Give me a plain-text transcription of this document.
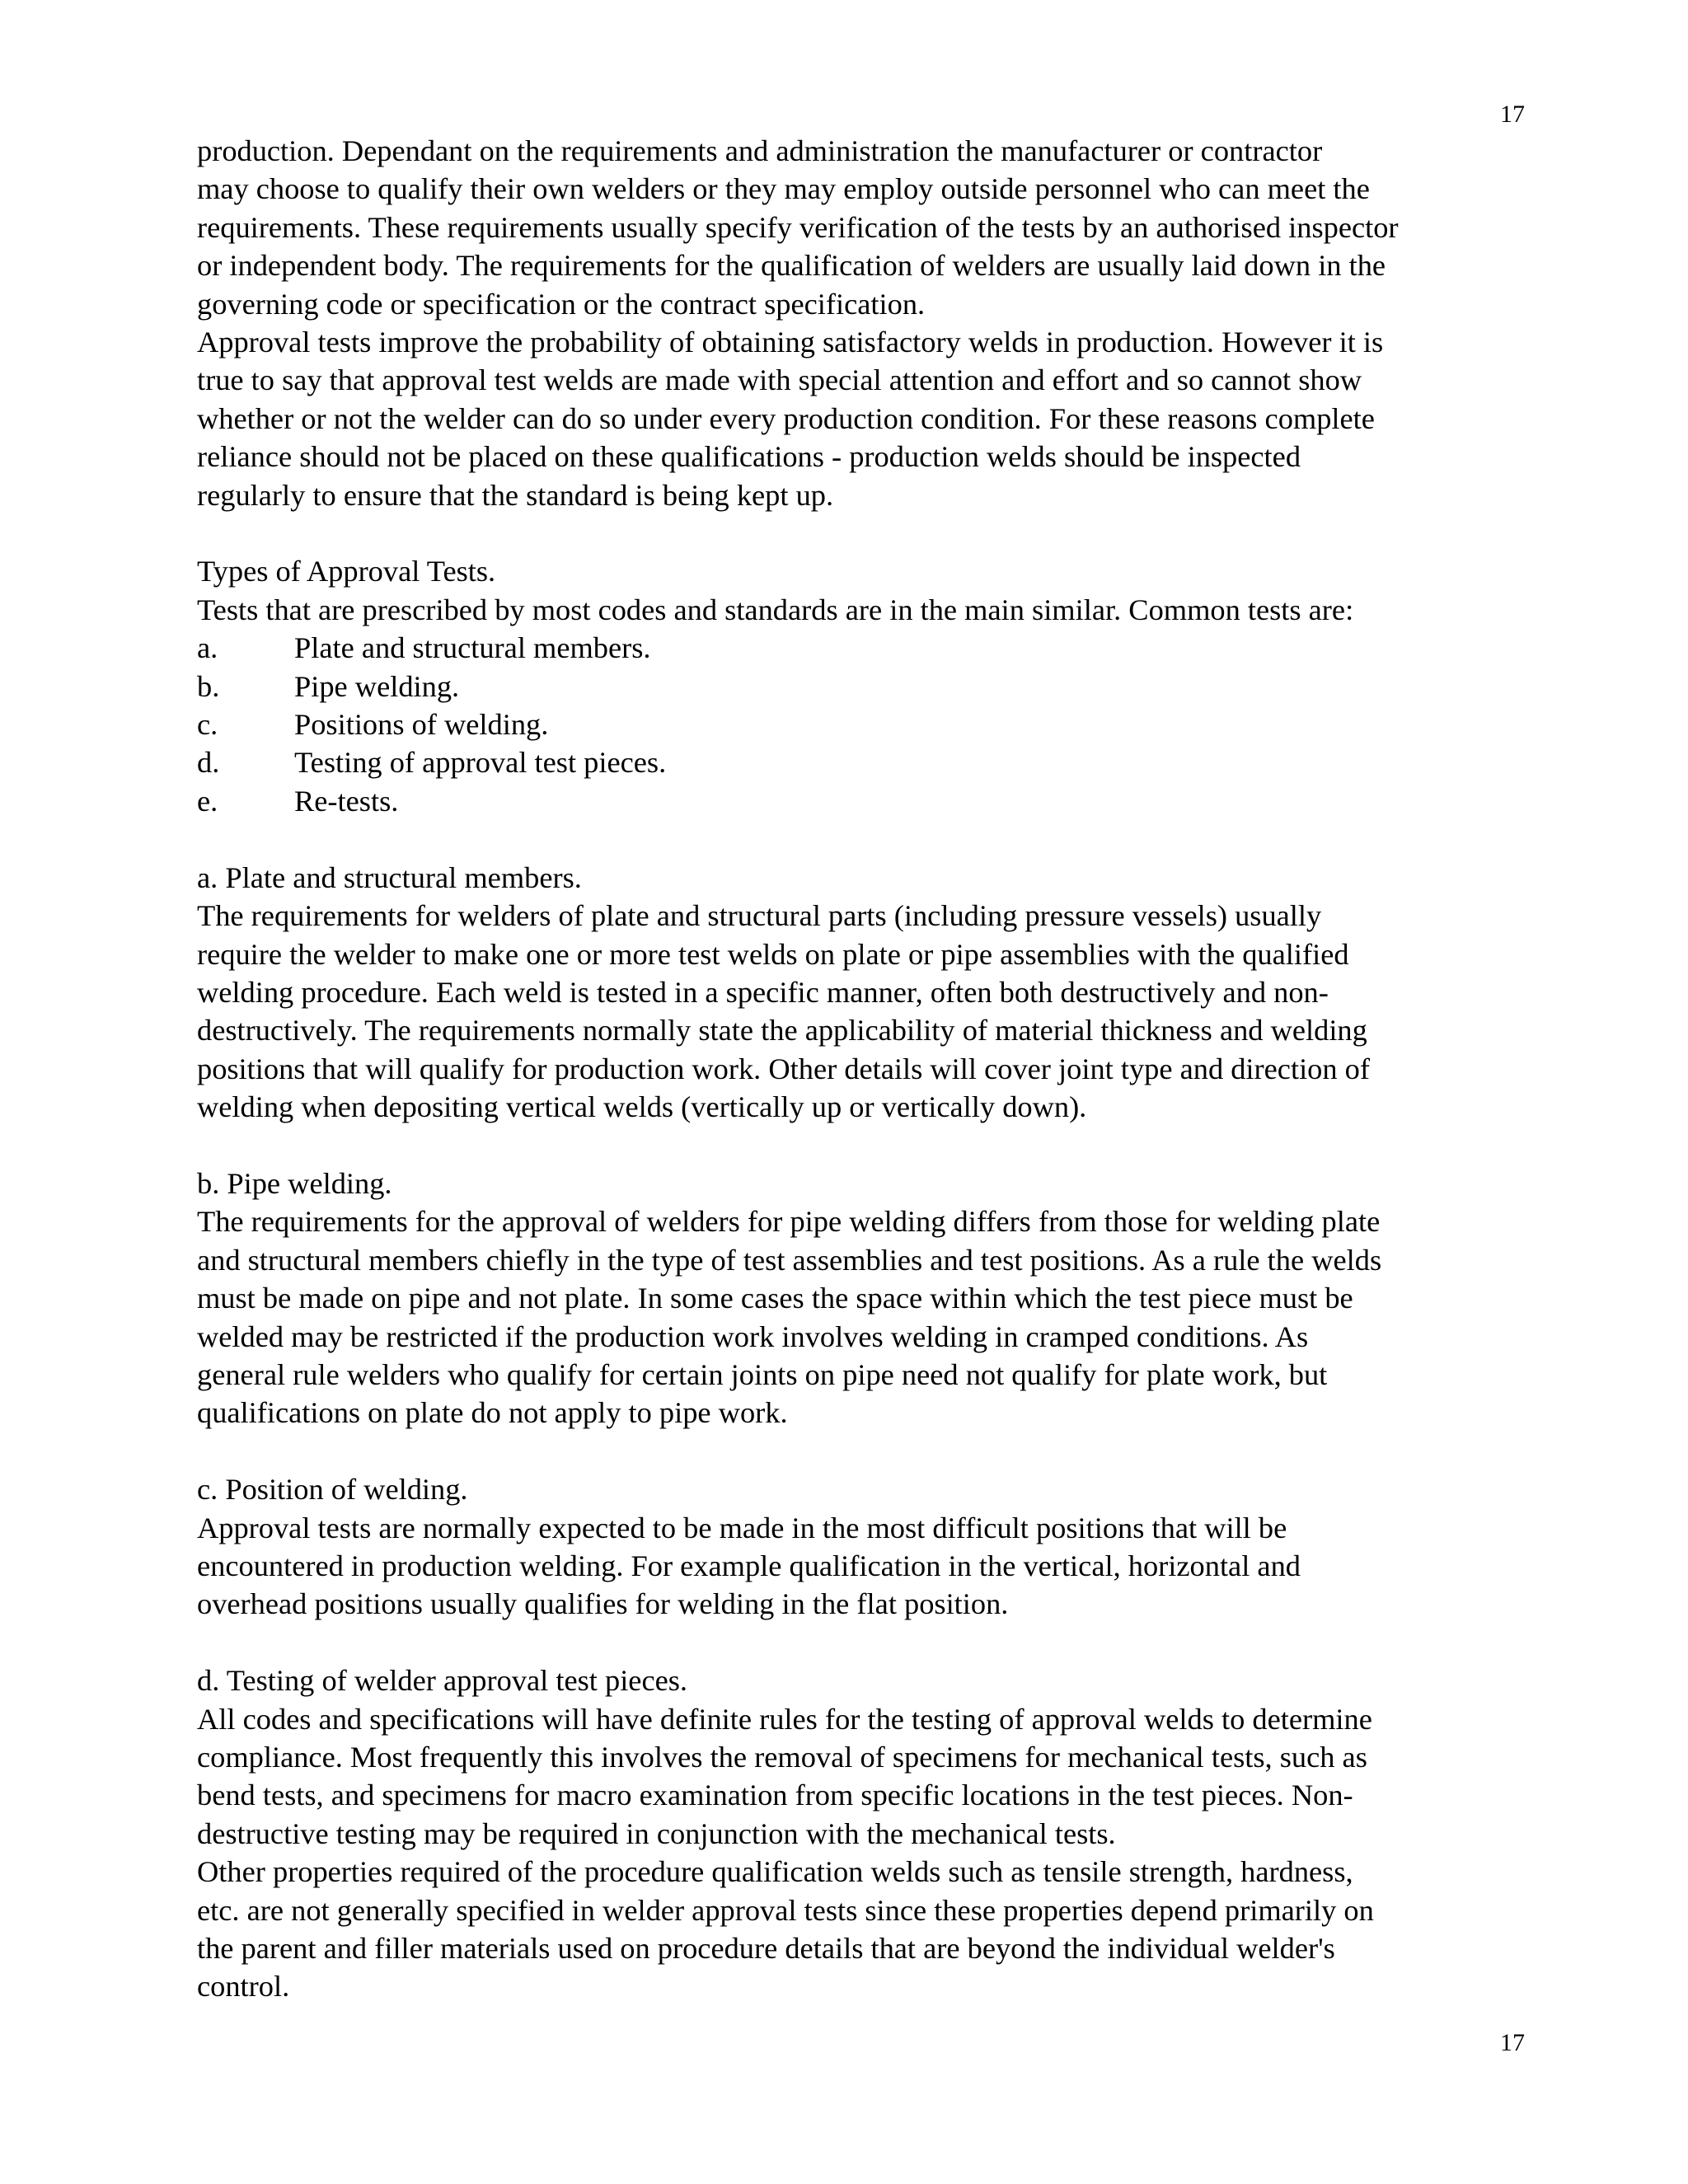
17

production. Dependant on the requirements and administration the manufacturer or contractor
may choose to qualify their own welders or they may employ outside personnel who can meet the
requirements. These requirements usually specify verification of the tests by an authorised inspector
or independent body. The requirements for the qualification of welders are usually laid down in the
governing code or specification or the contract specification.

Approval tests improve the probability of obtaining satisfactory welds in production. However it is
true to say that approval test welds are made with special attention and effort and so cannot show
whether or not the welder can do so under every production condition. For these reasons complete
reliance should not be placed on these qualifications - production welds should be inspected
regularly to ensure that the standard is being kept up.

Types of Approval Tests.

Tests that are prescribed by most codes and standards are in the main similar. Common tests are:

a.	Plate and structural members.
b.	Pipe welding.
c.	Positions of welding.
d.	Testing of approval test pieces.
e.	Re-tests.

a. Plate and structural members.

The requirements for welders of plate and structural parts (including pressure vessels) usually
require the welder to make one or more test welds on plate or pipe assemblies with the qualified
welding procedure. Each weld is tested in a specific manner, often both destructively and non-
destructively. The requirements normally state the applicability of material thickness and welding
positions that will qualify for production work. Other details will cover joint type and direction of
welding when depositing vertical welds (vertically up or vertically down).

b. Pipe welding.

The requirements for the approval of welders for pipe welding differs from those for welding plate
and structural members chiefly in the type of test assemblies and test positions. As a rule the welds
must be made on pipe and not plate. In some cases the space within which the test piece must be
welded may be restricted if the production work involves welding in cramped conditions. As
general rule welders who qualify for certain joints on pipe need not qualify for plate work, but
qualifications on plate do not apply to pipe work.

c. Position of welding.

Approval tests are normally expected to be made in the most difficult positions that will be
encountered in production welding. For example qualification in the vertical, horizontal and
overhead positions usually qualifies for welding in the flat position.

d. Testing of welder approval test pieces.

All codes and specifications will have definite rules for the testing of approval welds to determine
compliance. Most frequently this involves the removal of specimens for mechanical tests, such as
bend tests, and specimens for macro examination from specific locations in the test pieces. Non-
destructive testing may be required in conjunction with the mechanical tests.

Other properties required of the procedure qualification welds such as tensile strength, hardness,
etc. are not generally specified in welder approval tests since these properties depend primarily on
the parent and filler materials used on procedure details that are beyond the individual welder's
control.

17
